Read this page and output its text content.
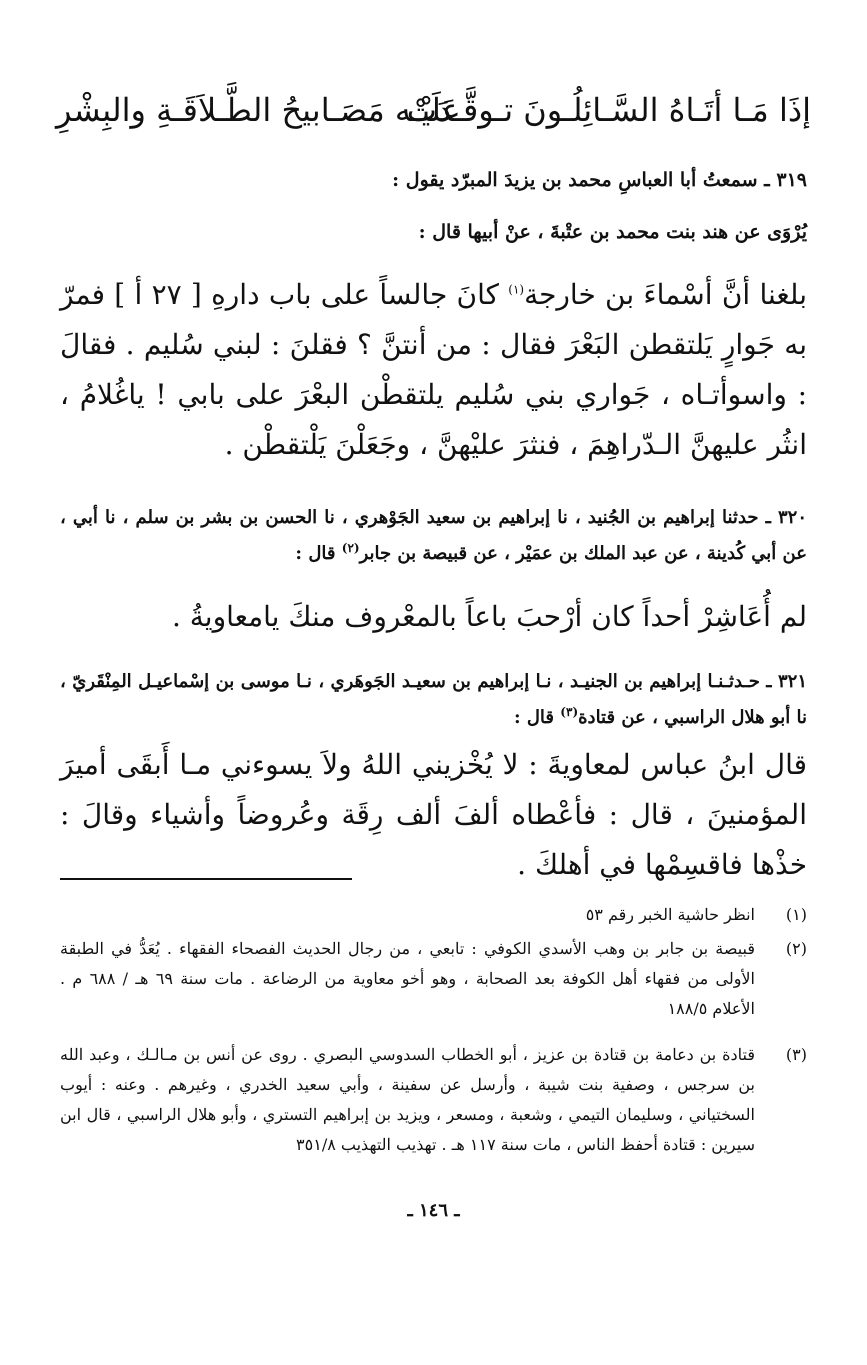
إذَا مَـا أتَـاهُ السَّـائِلُـونَ تـوقَّـدَتْ
عَلَيْـه مَصَـابيحُ الطَّـلاَقَـةِ والبِشْرِ

٣١٩ ـ سمعتُ أبا العباسِ محمد بن يزيدَ المبرّد يقول :

يُرْوَى عن هند بنت محمد بن عتْبةَ ، عنْ أبيها قال :

بلغنا أنَّ أسْماءَ بن خارجة$^{(١)}$ كانَ جالساً على باب دارهِ [ ٢٧ أ ] فمرّ به جَوارٍ يَلتقطن البَعْرَ فقال : من أنتنَّ ؟ فقلنَ : لبني سُليم . فقالَ : واسوأتـاه ، جَواري بني سُليم يلتقطْن البعْرَ على بابي ! ياغُلامُ ، انثُر عليهنَّ الـدّراهِمَ ، فنثرَ عليْهنَّ ، وجَعَلْنَ يَلْتقطْن .

٣٢٠ ـ حدثنا إبراهيم بن الجُنيد ، نا إبراهيم بن سعيد الجَوْهري ، نا الحسن بن بشر بن سلم ، نا أبي ، عن أبي كُدينة ، عن عبد الملك بن عمَيْر ، عن قبيصة بن جابر$^{(٢)}$ قال :

لم أُعَاشِرْ أحداً كان أرْحبَ باعاً بالمعْروف منكَ يامعاويةُ .

٣٢١ ـ حـدثـنـا إبراهيم بن الجنيـد ، نـا إبراهيم بن سعيـد الجَوهَري ، نـا موسى بن إسْماعيـل المِنْقَريّ ، نا أبو هلال الراسبي ، عن قتادة$^{(٣)}$ قال :

قال ابنُ عباس لمعاويةَ : لا يُخْزيني اللهُ ولاَ يسوءني مـا أَبقَى أميرَ المؤمنينَ ، قال : فأعْطاه ألفَ ألف رِقَة وعُروضاً وأشياء وقالَ : خذْها فاقسِمْها في أهلكَ .

(١)
انظر حاشية الخبر رقم ٥٣
(٢)
قبيصة بن جابر بن وهب الأسدي الكوفي : تابعي ، من رجال الحديث الفصحاء الفقهاء . يُعَدُّ في الطبقة الأولى من فقهاء أهل الكوفة بعد الصحابة ، وهو أخو معاوية من الرضاعة . مات سنة ٦٩ هـ / ٦٨٨ م . الأعلام ١٨٨/٥
(٣)
قتادة بن دعامة بن قتادة بن عزيز ، أبو الخطاب السدوسي البصري . روى عن أنس بن مـالـك ، وعبد الله بن سرجس ، وصفية بنت شيبة ، وأرسل عن سفينة ، وأبي سعيد الخدري ، وغيرهم . وعنه : أيوب السختياني ، وسليمان التيمي ، وشعبة ، ومسعر ، ويزيد بن إبراهيم التستري ، وأبو هلال الراسبي ، قال ابن سيرين : قتادة أحفظ الناس ، مات سنة ١١٧ هـ . تهذيب التهذيب ٣٥١/٨
ـ ١٤٦ ـ
